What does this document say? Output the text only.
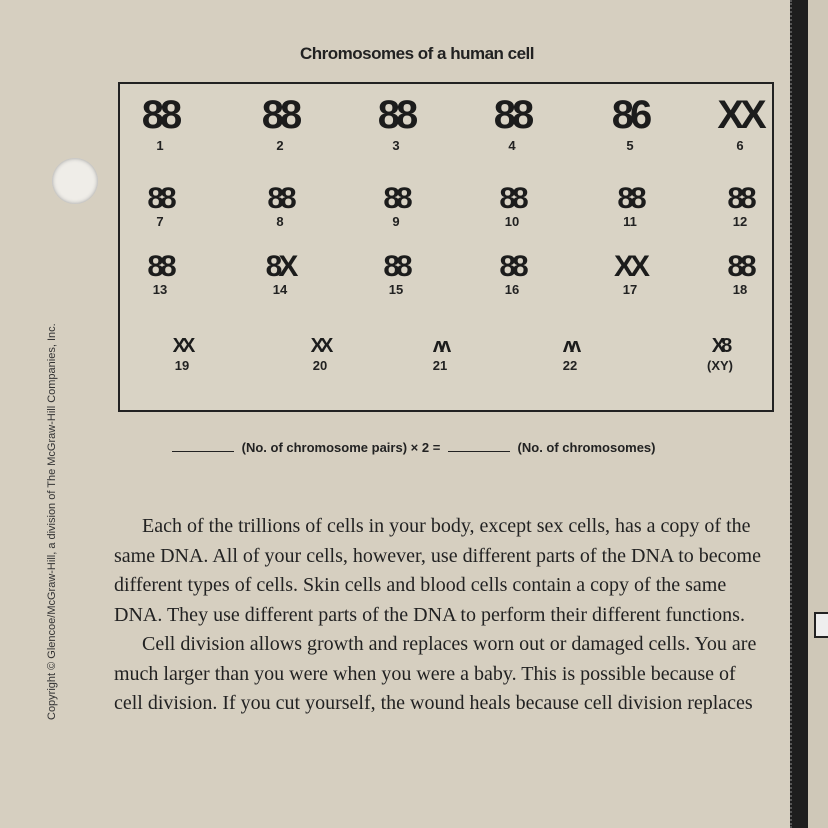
Copyright © Glencoe/McGraw-Hill, a division of The McGraw-Hill Companies, Inc.
Chromosomes of a human cell
88
1
88
2
88
3
88
4
86
5
XX
6
88
7
88
8
88
9
88
10
88
11
88
12
88
13
8X
14
88
15
88
16
XX
17
88
18
XX
19
XX
20
ᴧᴧ
21
ᴧᴧ
22
X8
(XY)
(No. of chromosome pairs) × 2 =	(No. of chromosomes)

Each of the trillions of cells in your body, except sex cells, has a copy of the same DNA. All of your cells, however, use different parts of the DNA to become different types of cells. Skin cells and blood cells contain a copy of the same DNA. They use different parts of the DNA to perform their different functions.

Cell division allows growth and replaces worn out or damaged cells. You are much larger than you were when you were a baby. This is possible because of cell division. If you cut yourself, the wound heals because cell division replaces
